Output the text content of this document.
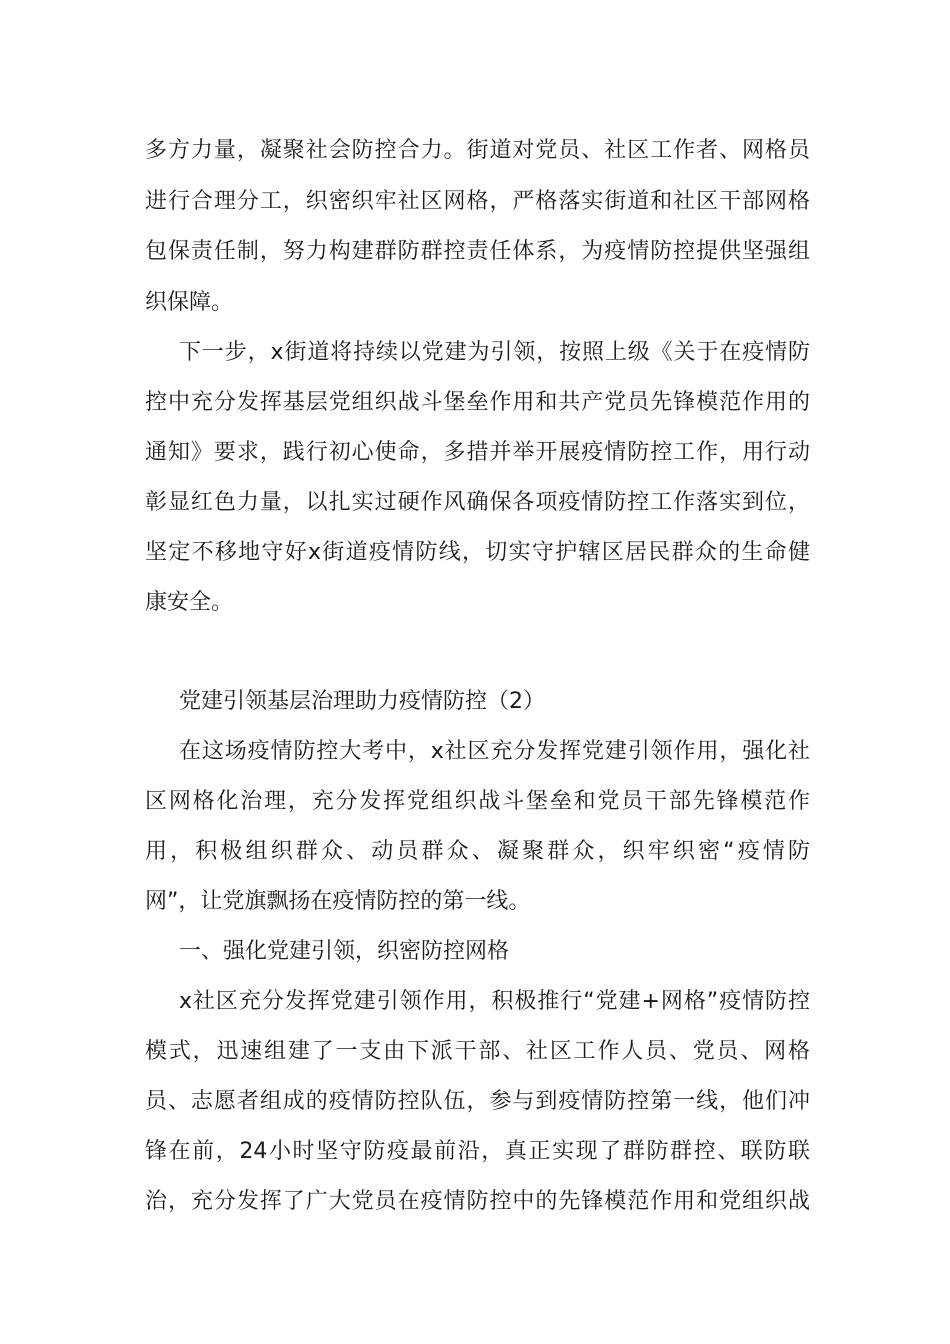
多方力量，凝聚社会防控合力。街道对党员、社区工作者、网格员
进行合理分工，织密织牢社区网格，严格落实街道和社区干部网格
包保责任制，努力构建群防群控责任体系，为疫情防控提供坚强组
织保障。
下一步，x街道将持续以党建为引领，按照上级《关于在疫情防
控中充分发挥基层党组织战斗堡垒作用和共产党员先锋模范作用的
通知》要求，践行初心使命，多措并举开展疫情防控工作，用行动
彰显红色力量，以扎实过硬作风确保各项疫情防控工作落实到位，
坚定不移地守好x街道疫情防线，切实守护辖区居民群众的生命健
康安全。
党建引领基层治理助力疫情防控（2）
在这场疫情防控大考中，x社区充分发挥党建引领作用，强化社
区网格化治理，充分发挥党组织战斗堡垒和党员干部先锋模范作
用，积极组织群众、动员群众、凝聚群众，织牢织密“疫情防
网”，让党旗飘扬在疫情防控的第一线。
一、强化党建引领，织密防控网格
x社区充分发挥党建引领作用，积极推行“党建+网格”疫情防控
模式，迅速组建了一支由下派干部、社区工作人员、党员、网格
员、志愿者组成的疫情防控队伍，参与到疫情防控第一线，他们冲
锋在前，24小时坚守防疫最前沿，真正实现了群防群控、联防联
治，充分发挥了广大党员在疫情防控中的先锋模范作用和党组织战
